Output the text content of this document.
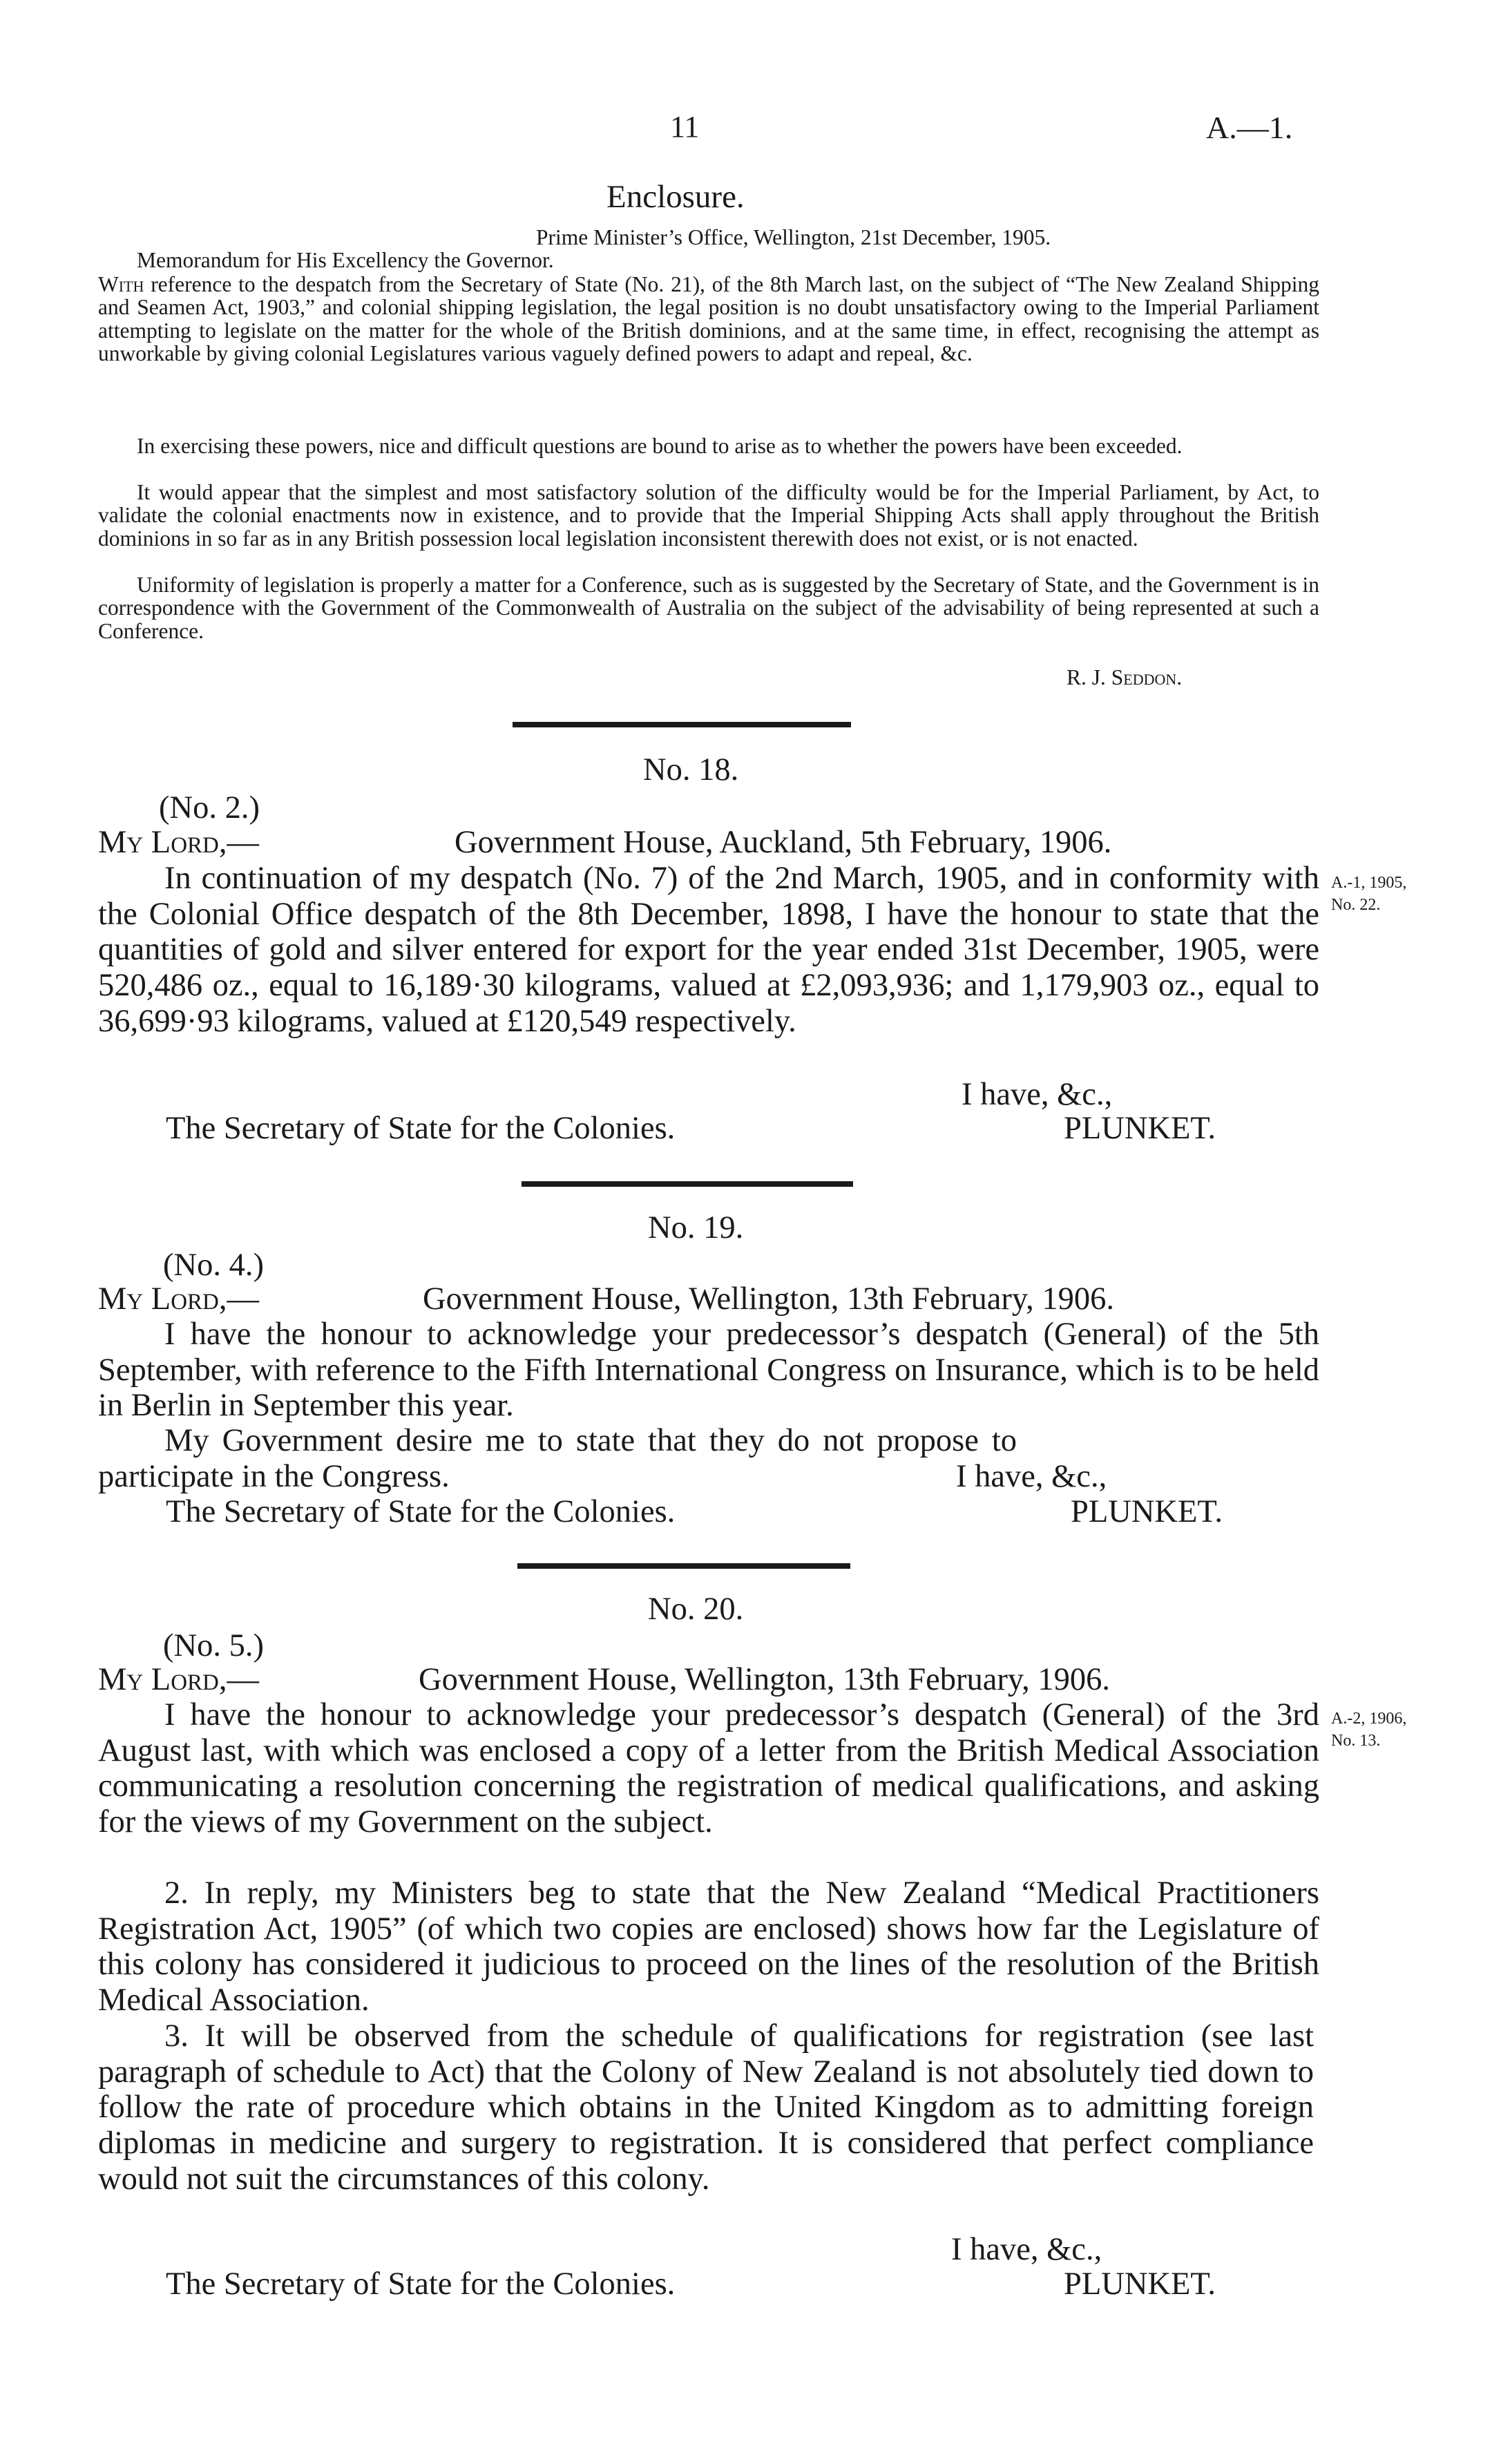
11	A.—1.
Enclosure.
Prime Minister’s Office, Wellington, 21st December, 1905.
Memorandum for His Excellency the Governor.
With reference to the despatch from the Secretary of State (No. 21), of the 8th March last, on the subject of “The New Zealand Shipping and Seamen Act, 1903,” and colonial shipping legislation, the legal position is no doubt unsatisfactory owing to the Imperial Parliament attempting to legislate on the matter for the whole of the British dominions, and at the same time, in effect, recognising the attempt as unworkable by giving colonial Legislatures various vaguely defined powers to adapt and repeal, &c.
In exercising these powers, nice and difficult questions are bound to arise as to whether the powers have been exceeded.
It would appear that the simplest and most satisfactory solution of the difficulty would be for the Imperial Parliament, by Act, to validate the colonial enactments now in existence, and to provide that the Imperial Shipping Acts shall apply throughout the British dominions in so far as in any British possession local legislation inconsistent therewith does not exist, or is not enacted.
Uniformity of legislation is properly a matter for a Conference, such as is suggested by the Secretary of State, and the Government is in correspondence with the Government of the Commonwealth of Australia on the subject of the advisability of being represented at such a Conference.
R. J. Seddon.
No. 18.
(No. 2.)
My Lord,—	Government House, Auckland, 5th February, 1906.
In continuation of my despatch (No. 7) of the 2nd March, 1905, and in conformity with the Colonial Office despatch of the 8th December, 1898, I have the honour to state that the quantities of gold and silver entered for export for the year ended 31st December, 1905, were 520,486 oz., equal to 16,189·30 kilograms, valued at £2,093,936; and 1,179,903 oz., equal to 36,699·93 kilograms, valued at £120,549 respectively.
I have, &c.,
The Secretary of State for the Colonies.	PLUNKET.
A.-1, 1905,
No. 22.
No. 19.
(No. 4.)
My Lord,—	Government House, Wellington, 13th February, 1906.
I have the honour to acknowledge your predecessor’s despatch (General) of the 5th September, with reference to the Fifth International Congress on Insurance, which is to be held in Berlin in September this year.
My Government desire me to state that they do not propose to participate in the Congress.	I have, &c.,
The Secretary of State for the Colonies.	PLUNKET.
No. 20.
(No. 5.)
My Lord,—	Government House, Wellington, 13th February, 1906.
I have the honour to acknowledge your predecessor’s despatch (General) of the 3rd August last, with which was enclosed a copy of a letter from the British Medical Association communicating a resolution concerning the registration of medical qualifications, and asking for the views of my Government on the subject.
2. In reply, my Ministers beg to state that the New Zealand “Medical Practitioners Registration Act, 1905” (of which two copies are enclosed) shows how far the Legislature of this colony has considered it judicious to proceed on the lines of the resolution of the British Medical Association.
3. It will be observed from the schedule of qualifications for registration (see last paragraph of schedule to Act) that the Colony of New Zealand is not absolutely tied down to follow the rate of procedure which obtains in the United Kingdom as to admitting foreign diplomas in medicine and surgery to registration. It is considered that perfect compliance would not suit the circumstances of this colony.
I have, &c.,
The Secretary of State for the Colonies.	PLUNKET.
A.-2, 1906,
No. 13.
